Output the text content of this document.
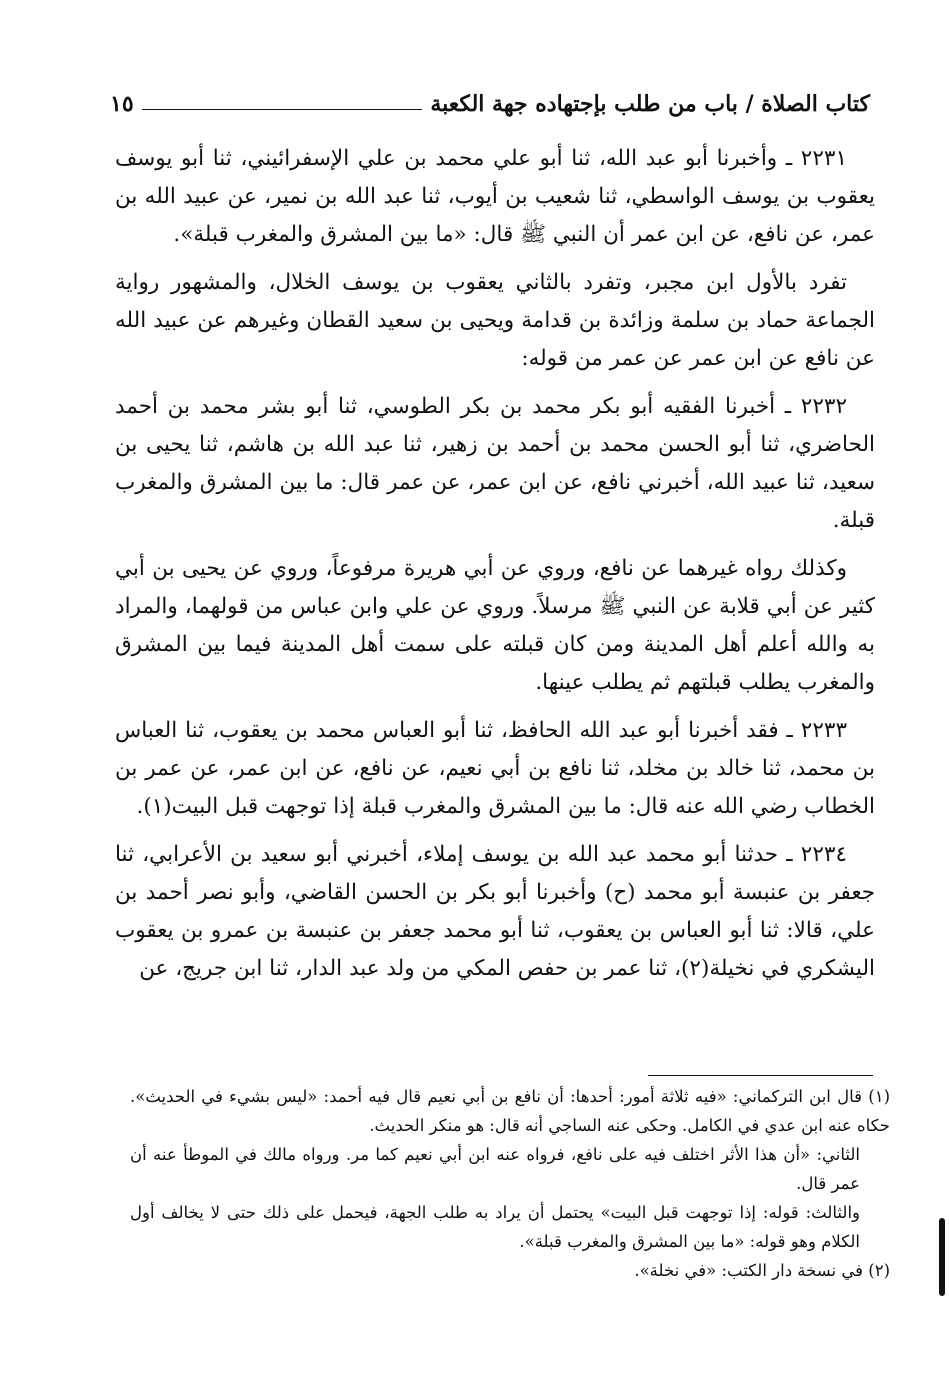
كتاب الصلاة / باب من طلب بإجتهاده جهة الكعبة
١٥

٢٢٣١ ـ وأخبرنا أبو عبد الله، ثنا أبو علي محمد بن علي الإسفرائيني، ثنا أبو يوسف يعقوب بن يوسف الواسطي، ثنا شعيب بن أيوب، ثنا عبد الله بن نمير، عن عبيد الله بن عمر، عن نافع، عن ابن عمر أن النبي ﷺ قال: «ما بين المشرق والمغرب قبلة».

تفرد بالأول ابن مجبر، وتفرد بالثاني يعقوب بن يوسف الخلال، والمشهور رواية الجماعة حماد بن سلمة وزائدة بن قدامة ويحيى بن سعيد القطان وغيرهم عن عبيد الله عن نافع عن ابن عمر عن عمر من قوله:

٢٢٣٢ ـ أخبرنا الفقيه أبو بكر محمد بن بكر الطوسي، ثنا أبو بشر محمد بن أحمد الحاضري، ثنا أبو الحسن محمد بن أحمد بن زهير، ثنا عبد الله بن هاشم، ثنا يحيى بن سعيد، ثنا عبيد الله، أخبرني نافع، عن ابن عمر، عن عمر قال: ما بين المشرق والمغرب قبلة.

وكذلك رواه غيرهما عن نافع، وروي عن أبي هريرة مرفوعاً، وروي عن يحيى بن أبي كثير عن أبي قلابة عن النبي ﷺ مرسلاً. وروي عن علي وابن عباس من قولهما، والمراد به والله أعلم أهل المدينة ومن كان قبلته على سمت أهل المدينة فيما بين المشرق والمغرب يطلب قبلتهم ثم يطلب عينها.

٢٢٣٣ ـ فقد أخبرنا أبو عبد الله الحافظ، ثنا أبو العباس محمد بن يعقوب، ثنا العباس بن محمد، ثنا خالد بن مخلد، ثنا نافع بن أبي نعيم، عن نافع، عن ابن عمر، عن عمر بن الخطاب رضي الله عنه قال: ما بين المشرق والمغرب قبلة إذا توجهت قبل البيت(١).

٢٢٣٤ ـ حدثنا أبو محمد عبد الله بن يوسف إملاء، أخبرني أبو سعيد بن الأعرابي، ثنا جعفر بن عنبسة أبو محمد (ح) وأخبرنا أبو بكر بن الحسن القاضي، وأبو نصر أحمد بن علي، قالا: ثنا أبو العباس بن يعقوب، ثنا أبو محمد جعفر بن عنبسة بن عمرو بن يعقوب اليشكري في نخيلة(٢)، ثنا عمر بن حفص المكي من ولد عبد الدار، ثنا ابن جريج، عن

(١) قال ابن التركماني: «فيه ثلاثة أمور: أحدها: أن نافع بن أبي نعيم قال فيه أحمد: «ليس بشيء في الحديث». حكاه عنه ابن عدي في الكامل. وحكى عنه الساجي أنه قال: هو منكر الحديث.

الثاني: «أن هذا الأثر اختلف فيه على نافع، فرواه عنه ابن أبي نعيم كما مر. ورواه مالك في الموطأ عنه أن عمر قال.

والثالث: قوله: إذا توجهت قبل البيت» يحتمل أن يراد به طلب الجهة، فيحمل على ذلك حتى لا يخالف أول الكلام وهو قوله: «ما بين المشرق والمغرب قبلة».

(٢) في نسخة دار الكتب: «في نخلة».
